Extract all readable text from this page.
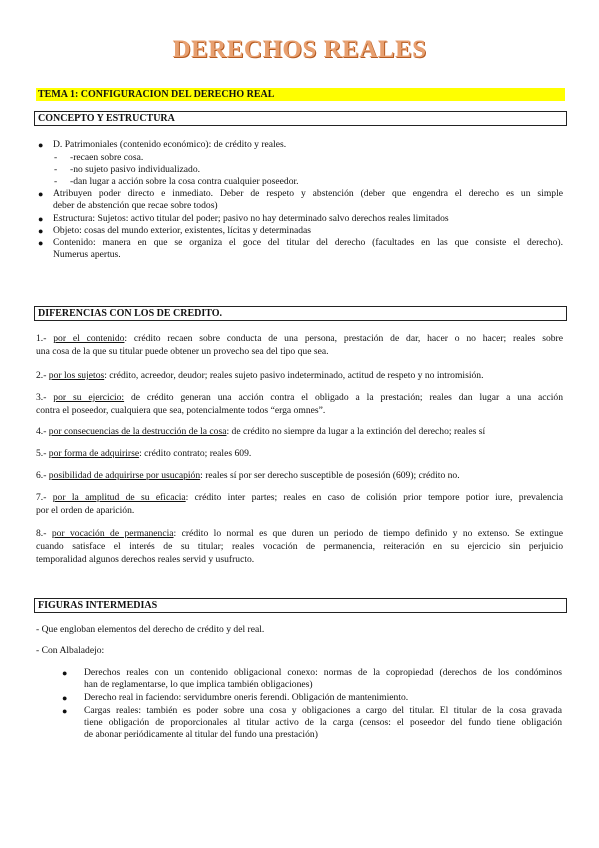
DERECHOS REALES
TEMA 1: CONFIGURACION DEL DERECHO REAL
CONCEPTO Y ESTRUCTURA
● D. Patrimoniales (contenido económico): de crédito y reales.
- -recaen sobre cosa.
- -no sujeto pasivo individualizado.
- -dan lugar a acción sobre la cosa contra cualquier poseedor.
● Atribuyen poder directo e inmediato. Deber de respeto y abstención (deber que engendra el derecho es un simple
deber de abstención que recae sobre todos)
● Estructura: Sujetos: activo titular del poder; pasivo no hay determinado salvo derechos reales limitados
● Objeto: cosas del mundo exterior, existentes, lícitas y determinadas
● Contenido: manera en que se organiza el goce del titular del derecho (facultades en las que consiste el derecho).
Numerus apertus.
DIFERENCIAS CON LOS DE CREDITO.
1.- por el contenido: crédito recaen sobre conducta de una persona, prestación de dar, hacer o no hacer; reales sobre
una cosa de la que su titular puede obtener un provecho sea del tipo que sea.
2.- por los sujetos: crédito, acreedor, deudor; reales sujeto pasivo indeterminado, actitud de respeto y no intromisión.
3.- por su ejercicio: de crédito generan una acción contra el obligado a la prestación; reales dan lugar a una acción
contra el poseedor, cualquiera que sea, potencialmente todos “erga omnes”.
4.- por consecuencias de la destrucción de la cosa: de crédito no siempre da lugar a la extinción del derecho; reales sí
5.- por forma de adquirirse: crédito contrato; reales 609.
6.- posibilidad de adquirirse por usucapión: reales sí por ser derecho susceptible de posesión (609); crédito no.
7.- por la amplitud de su eficacia: crédito inter partes; reales en caso de colisión prior tempore potior iure, prevalencia
por el orden de aparición.
8.- por vocación de permanencia: crédito lo normal es que duren un periodo de tiempo definido y no extenso. Se extingue
cuando satisface el interés de su titular; reales vocación de permanencia, reiteración en su ejercicio sin perjuicio
temporalidad algunos derechos reales servid y usufructo.
FIGURAS INTERMEDIAS
- Que engloban elementos del derecho de crédito y del real.
- Con Albaladejo:
● Derechos reales con un contenido obligacional conexo: normas de la copropiedad (derechos de los condóminos
han de reglamentarse, lo que implica también obligaciones)
● Derecho real in faciendo: servidumbre oneris ferendi. Obligación de mantenimiento.
● Cargas reales: también es poder sobre una cosa y obligaciones a cargo del titular. El titular de la cosa gravada
tiene obligación de proporcionales al titular activo de la carga (censos: el poseedor del fundo tiene obligación
de abonar periódicamente al titular del fundo una prestación)
